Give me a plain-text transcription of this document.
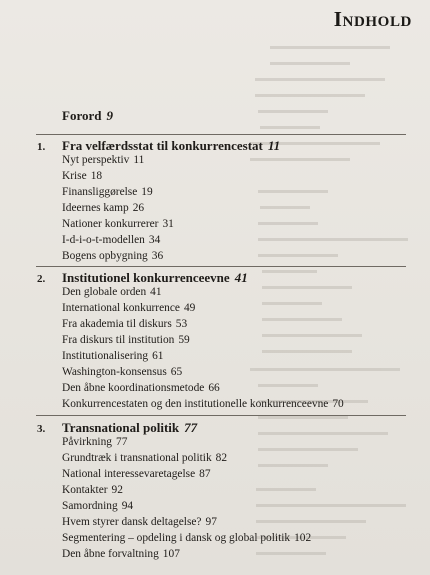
Indhold
Forord 9
1. Fra velfærdsstat til konkurrencestat 11
Nyt perspektiv 11
Krise 18
Finansliggørelse 19
Ideernes kamp 26
Nationer konkurrerer 31
I-d-i-o-t-modellen 34
Bogens opbygning 36
2. Institutionel konkurrenceevne 41
Den globale orden 41
International konkurrence 49
Fra akademia til diskurs 53
Fra diskurs til institution 59
Institutionalisering 61
Washington-konsensus 65
Den åbne koordinationsmetode 66
Konkurrencestaten og den institutionelle konkurrenceevne 70
3. Transnational politik 77
Påvirkning 77
Grundtræk i transnational politik 82
National interessevaretagelse 87
Kontakter 92
Samordning 94
Hvem styrer dansk deltagelse? 97
Segmentering – opdeling i dansk og global politik 102
Den åbne forvaltning 107
